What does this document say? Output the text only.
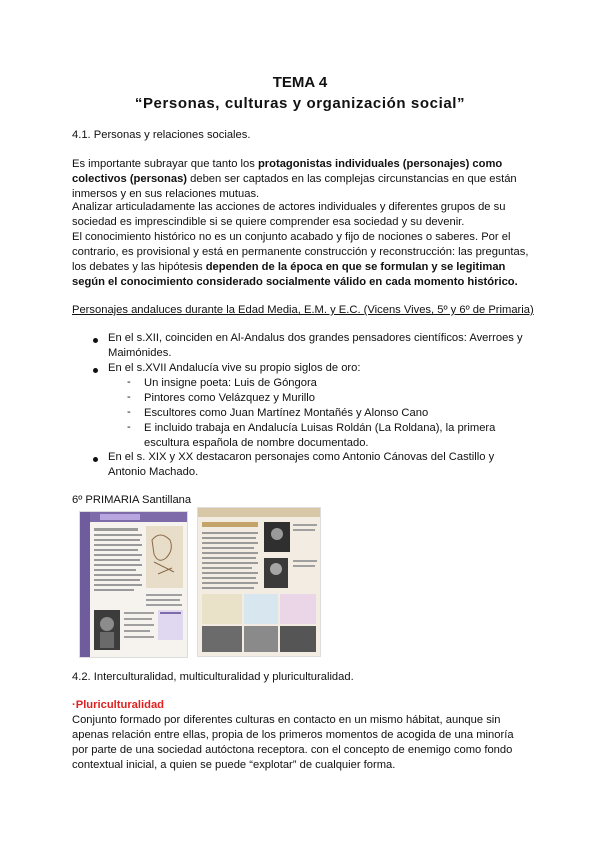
TEMA 4
“Personas, culturas y organización social”
4.1. Personas y relaciones sociales.
Es importante subrayar que tanto los protagonistas individuales (personajes) como colectivos (personas) deben ser captados en las complejas circunstancias en que están inmersos y en sus relaciones mutuas.
Analizar articuladamente las acciones de actores individuales y diferentes grupos de su sociedad es imprescindible si se quiere comprender esa sociedad y su devenir.
El conocimiento histórico no es un conjunto acabado y fijo de nociones o saberes. Por el contrario, es provisional y está en permanente construcción y reconstrucción: las preguntas, los debates y las hipótesis dependen de la época en que se formulan y se legitiman según el conocimiento considerado socialmente válido en cada momento histórico.
Personajes andaluces durante la Edad Media, E.M. y E.C. (Vicens Vives, 5º y 6º de Primaria)
En el s.XII, coinciden en Al-Andalus dos grandes pensadores científicos: Averroes y Maimónides.
En el s.XVII Andalucía vive su propio siglos de oro:
- Un insigne poeta: Luis de Góngora
- Pintores como Velázquez y Murillo
- Escultores como Juan Martínez Montañés y Alonso Cano
- E incluido trabaja en Andalucía Luisas Roldán (La Roldana), la primera escultura española de nombre documentado.
En el s. XIX y XX destacaron personajes como Antonio Cánovas del Castillo y Antonio Machado.
6º PRIMARIA Santillana
4.2. Interculturalidad, multiculturalidad y pluriculturalidad.
·Pluriculturalidad
Conjunto formado por diferentes culturas en contacto en un mismo hábitat, aunque sin apenas relación entre ellas, propia de los primeros momentos de acogida de una minoría por parte de una sociedad autóctona receptora. con el concepto de enemigo como fondo contextual inicial, a quien se puede “explotar” de cualquier forma.
